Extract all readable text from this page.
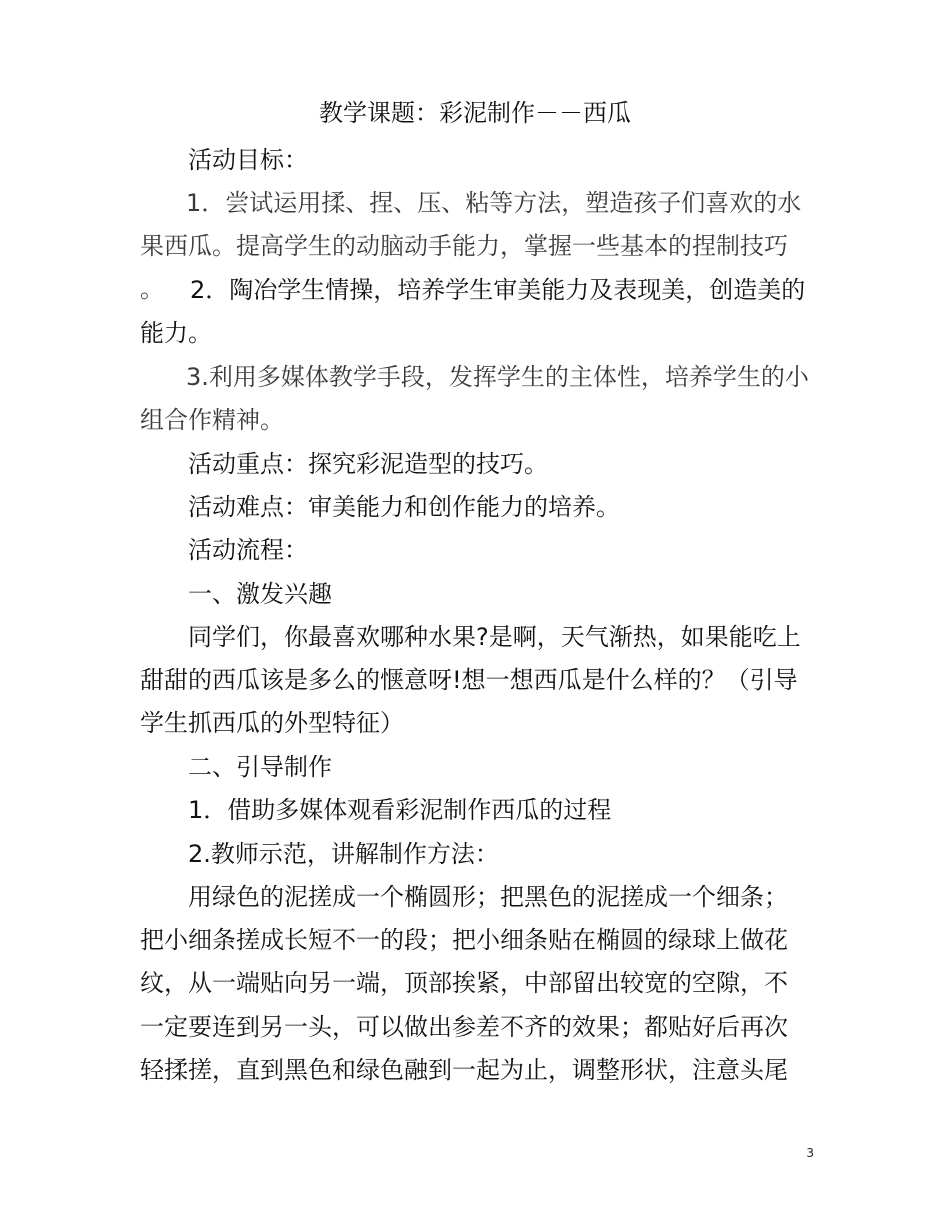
教学课题：彩泥制作－－西瓜

活动目标：

1．尝试运用揉、捏、压、粘等方法，塑造孩子们喜欢的水果西瓜。提高学生的动脑动手能力，掌握一些基本的捏制技巧。	2．陶冶学生情操，培养学生审美能力及表现美，创造美的能力。

3.利用多媒体教学手段，发挥学生的主体性，培养学生的小组合作精神。

活动重点：探究彩泥造型的技巧。

活动难点：审美能力和创作能力的培养。

活动流程：

一、激发兴趣

同学们，你最喜欢哪种水果?是啊，天气渐热，如果能吃上甜甜的西瓜该是多么的惬意呀!想一想西瓜是什么样的？（引导学生抓西瓜的外型特征）

二、引导制作

1．借助多媒体观看彩泥制作西瓜的过程

2.教师示范，讲解制作方法：

用绿色的泥搓成一个椭圆形；把黑色的泥搓成一个细条；把小细条搓成长短不一的段；把小细条贴在椭圆的绿球上做花纹，从一端贴向另一端，顶部挨紧，中部留出较宽的空隙，不一定要连到另一头，可以做出参差不齐的效果；都贴好后再次轻揉搓，直到黑色和绿色融到一起为止，调整形状，注意头尾

3
